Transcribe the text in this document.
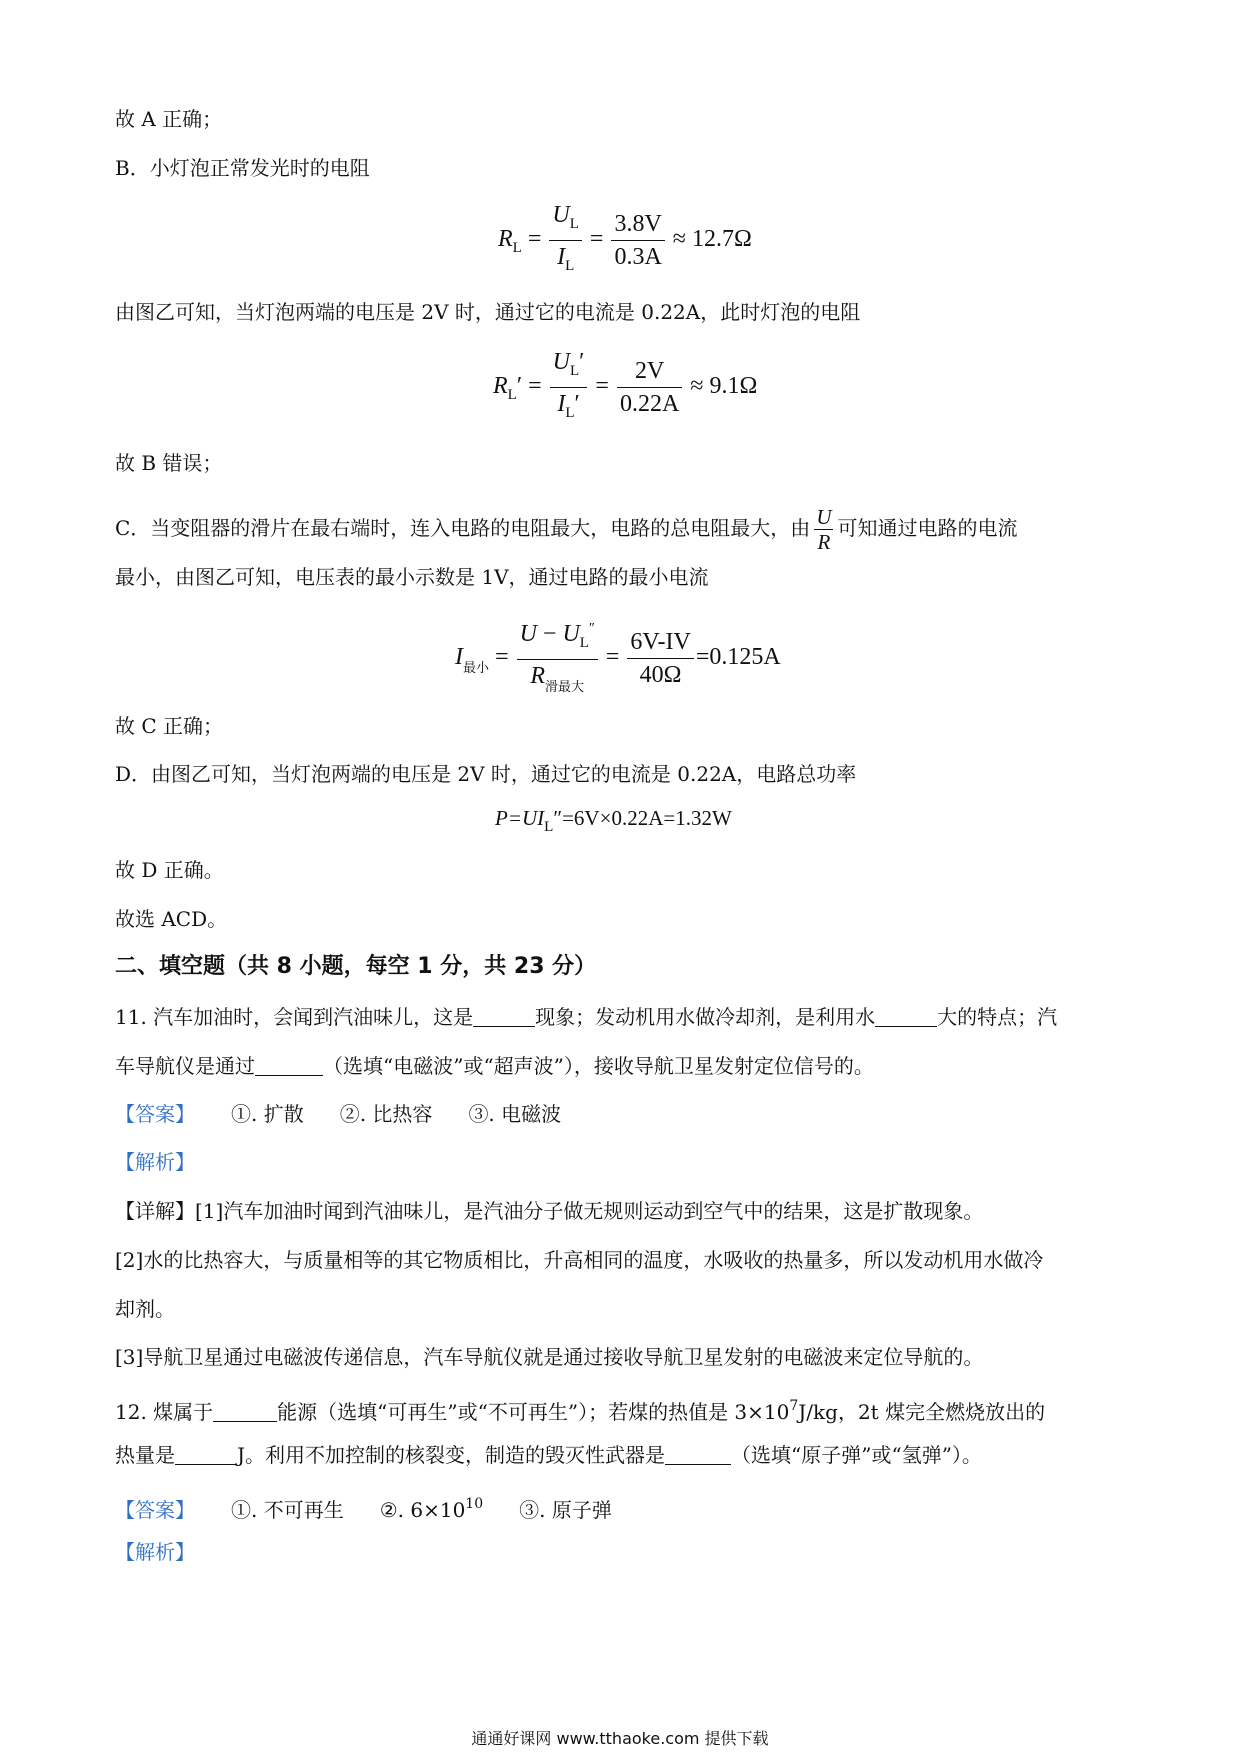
故 A 正确；
B．小灯泡正常发光时的电阻
$R_L = \frac{U_L}{I_L} = \frac{3.8V}{0.3A} \approx 12.7\Omega$
由图乙可知，当灯泡两端的电压是 2V 时，通过它的电流是 0.22A，此时灯泡的电阻
$R_L' = \frac{U_L'}{I_L'} = \frac{2V}{0.22A} \approx 9.1\Omega$
故 B 错误；
C．当变阻器的滑片在最右端时，连入电路的电阻最大，电路的总电阻最大，由 $\frac{U}{R}$ 可知通过电路的电流
最小，由图乙可知，电压表的最小示数是 1V，通过电路的最小电流
$I_{最小} = \frac{U - U_L''}{R_{滑最大}} = \frac{6V-IV}{40\Omega} =0.125A$
故 C 正确；
D．由图乙可知，当灯泡两端的电压是 2V 时，通过它的电流是 0.22A，电路总功率
$P=UI_L''=6V\times 0.22A=1.32W$
故 D 正确。
故选 ACD。
二、填空题（共 8 小题，每空 1 分，共 23 分）
11. 汽车加油时，会闻到汽油味儿，这是	现象；发动机用水做冷却剂，是利用水	大的特点；汽
车导航仪是通过	（选填“电磁波”或“超声波”），接收导航卫星发射定位信号的。
【答案】 ①. 扩散 ②. 比热容 ③. 电磁波
【解析】
【详解】[1]汽车加油时闻到汽油味儿，是汽油分子做无规则运动到空气中的结果，这是扩散现象。
[2]水的比热容大，与质量相等的其它物质相比，升高相同的温度，水吸收的热量多，所以发动机用水做冷
却剂。
[3]导航卫星通过电磁波传递信息，汽车导航仪就是通过接收导航卫星发射的电磁波来定位导航的。
12. 煤属于	能源（选填“可再生”或“不可再生”）；若煤的热值是 $3\times 10^7J/kg$，2t 煤完全燃烧放出的
热量是	J。利用不加控制的核裂变，制造的毁灭性武器是	（选填“原子弹”或“氢弹”）。
【答案】 ①. 不可再生 ②. $6\times 10^{10}$ ③. 原子弹
【解析】
通通好课网 www.tthaoke.com 提供下载
